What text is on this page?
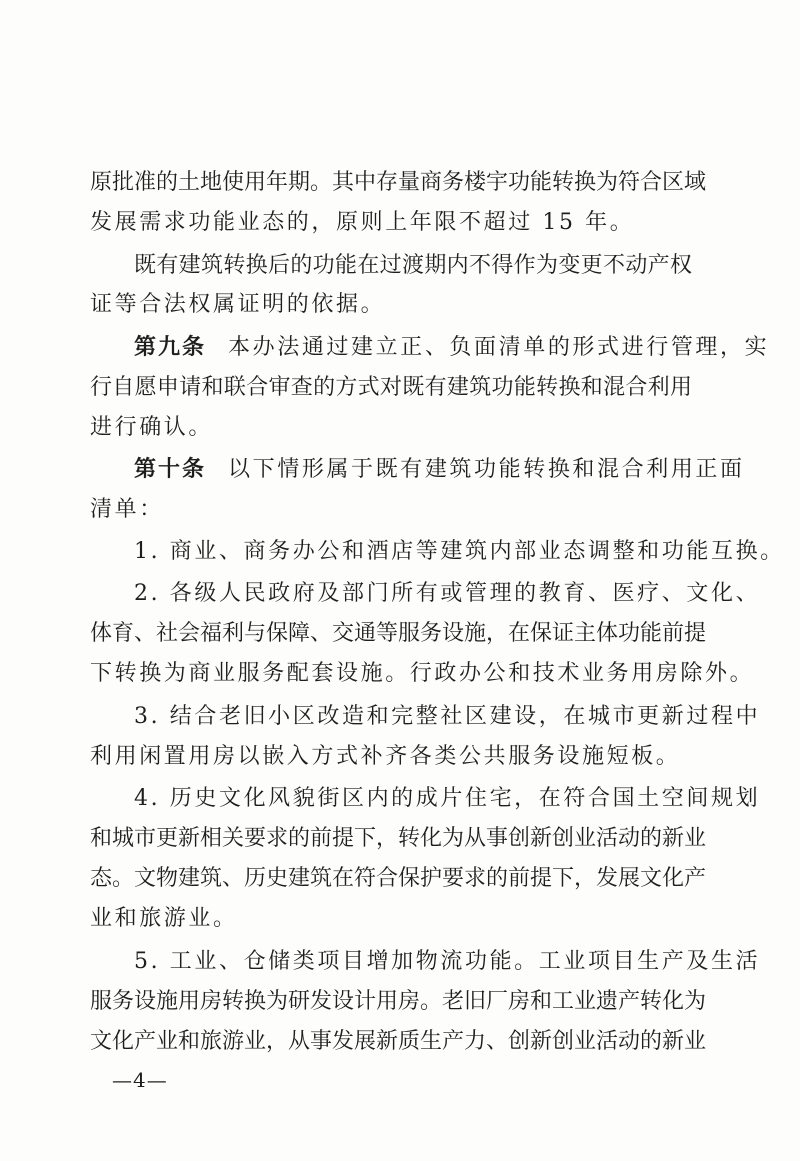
原批准的土地使用年期。其中存量商务楼宇功能转换为符合区域
发展需求功能业态的，原则上年限不超过 15 年。
既有建筑转换后的功能在过渡期内不得作为变更不动产权
证等合法权属证明的依据。
第九条 本办法通过建立正、负面清单的形式进行管理，实
行自愿申请和联合审查的方式对既有建筑功能转换和混合利用
进行确认。
第十条 以下情形属于既有建筑功能转换和混合利用正面
清单：
1. 商业、商务办公和酒店等建筑内部业态调整和功能互换。
2. 各级人民政府及部门所有或管理的教育、医疗、文化、
体育、社会福利与保障、交通等服务设施，在保证主体功能前提
下转换为商业服务配套设施。行政办公和技术业务用房除外。
3. 结合老旧小区改造和完整社区建设，在城市更新过程中
利用闲置用房以嵌入方式补齐各类公共服务设施短板。
4. 历史文化风貌街区内的成片住宅，在符合国土空间规划
和城市更新相关要求的前提下，转化为从事创新创业活动的新业
态。文物建筑、历史建筑在符合保护要求的前提下，发展文化产
业和旅游业。
5. 工业、仓储类项目增加物流功能。工业项目生产及生活
服务设施用房转换为研发设计用房。老旧厂房和工业遗产转化为
文化产业和旅游业，从事发展新质生产力、创新创业活动的新业
—4—
